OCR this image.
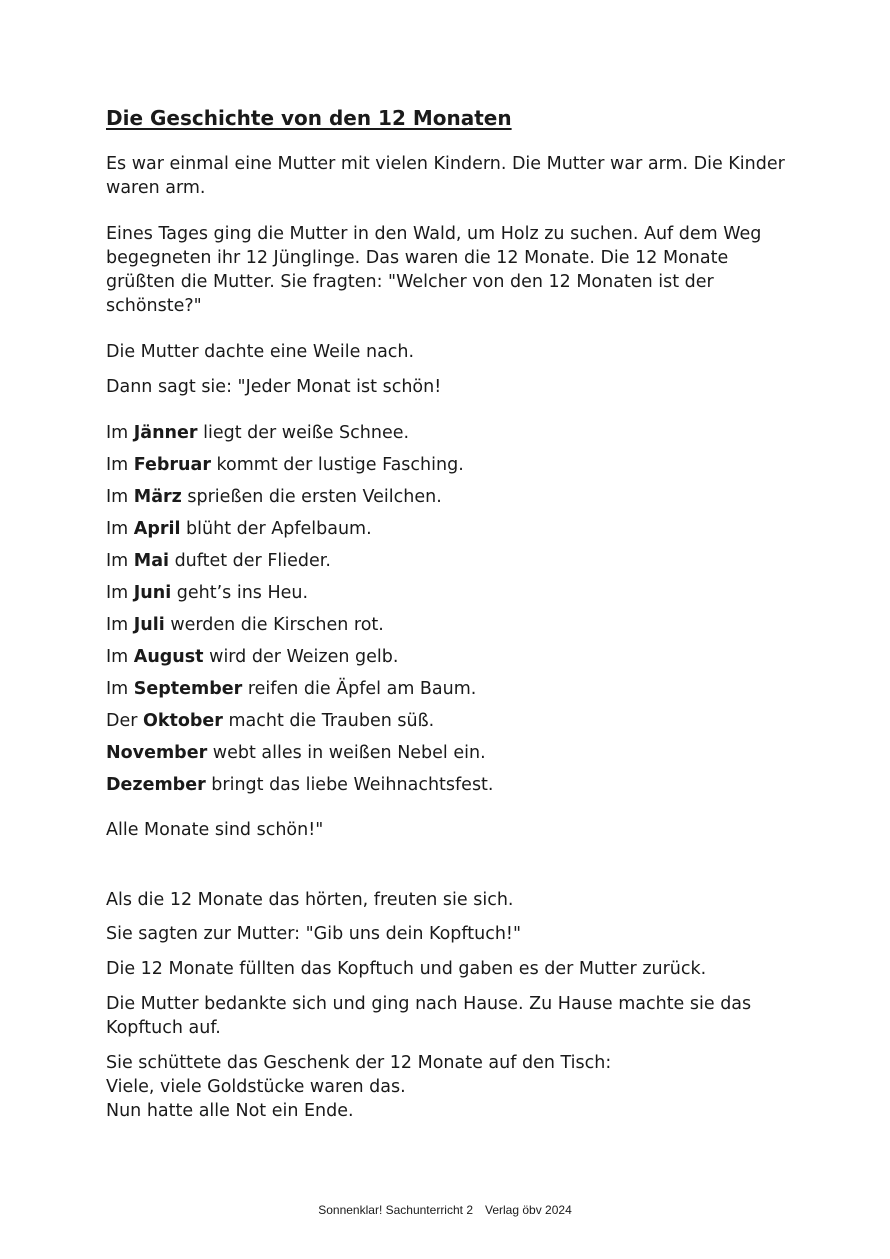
Die Geschichte von den 12 Monaten

Es war einmal eine Mutter mit vielen Kindern. Die Mutter war arm. Die Kinder waren arm.

Eines Tages ging die Mutter in den Wald, um Holz zu suchen. Auf dem Weg begegneten ihr 12 Jünglinge. Das waren die 12 Monate. Die 12 Monate grüßten die Mutter. Sie fragten: "Welcher von den 12 Monaten ist der schönste?"

Die Mutter dachte eine Weile nach.

Dann sagt sie: "Jeder Monat ist schön!

Im Jänner liegt der weiße Schnee.

Im Februar kommt der lustige Fasching.

Im März sprießen die ersten Veilchen.

Im April blüht der Apfelbaum.

Im Mai duftet der Flieder.

Im Juni geht’s ins Heu.

Im Juli werden die Kirschen rot.

Im August wird der Weizen gelb.

Im September reifen die Äpfel am Baum.

Der Oktober macht die Trauben süß.

November webt alles in weißen Nebel ein.

Dezember bringt das liebe Weihnachtsfest.

Alle Monate sind schön!"

Als die 12 Monate das hörten, freuten sie sich.

Sie sagten zur Mutter: "Gib uns dein Kopftuch!"

Die 12 Monate füllten das Kopftuch und gaben es der Mutter zurück.

Die Mutter bedankte sich und ging nach Hause. Zu Hause machte sie das Kopftuch auf.

Sie schüttete das Geschenk der 12 Monate auf den Tisch:

Viele, viele Goldstücke waren das.

Nun hatte alle Not ein Ende.

Sonnenklar! Sachunterricht 2 Verlag öbv 2024
